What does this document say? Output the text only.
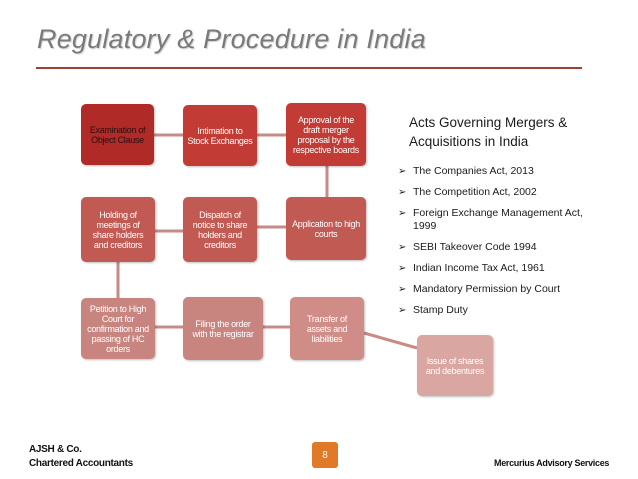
Regulatory & Procedure in India
Examination of Object Clause
Intimation to Stock Exchanges
Approval of the draft merger proposal by the respective boards
Holding of meetings of share holders and creditors
Dispatch of notice to share holders and creditors
Application to high courts
Petition to High Court for confirmation and passing of HC orders
Filing the order with the registrar
Transfer of assets and liabilities
Issue of shares and debentures
Acts Governing Mergers & Acquisitions in India
➢ The Companies Act, 2013
➢ The Competition Act, 2002
➢ Foreign Exchange Management Act, 1999
➢ SEBI Takeover Code 1994
➢ Indian Income Tax Act, 1961
➢ Mandatory Permission by Court
➢ Stamp Duty
AJSH & Co.
Chartered Accountants
8
Mercurius Advisory Services
